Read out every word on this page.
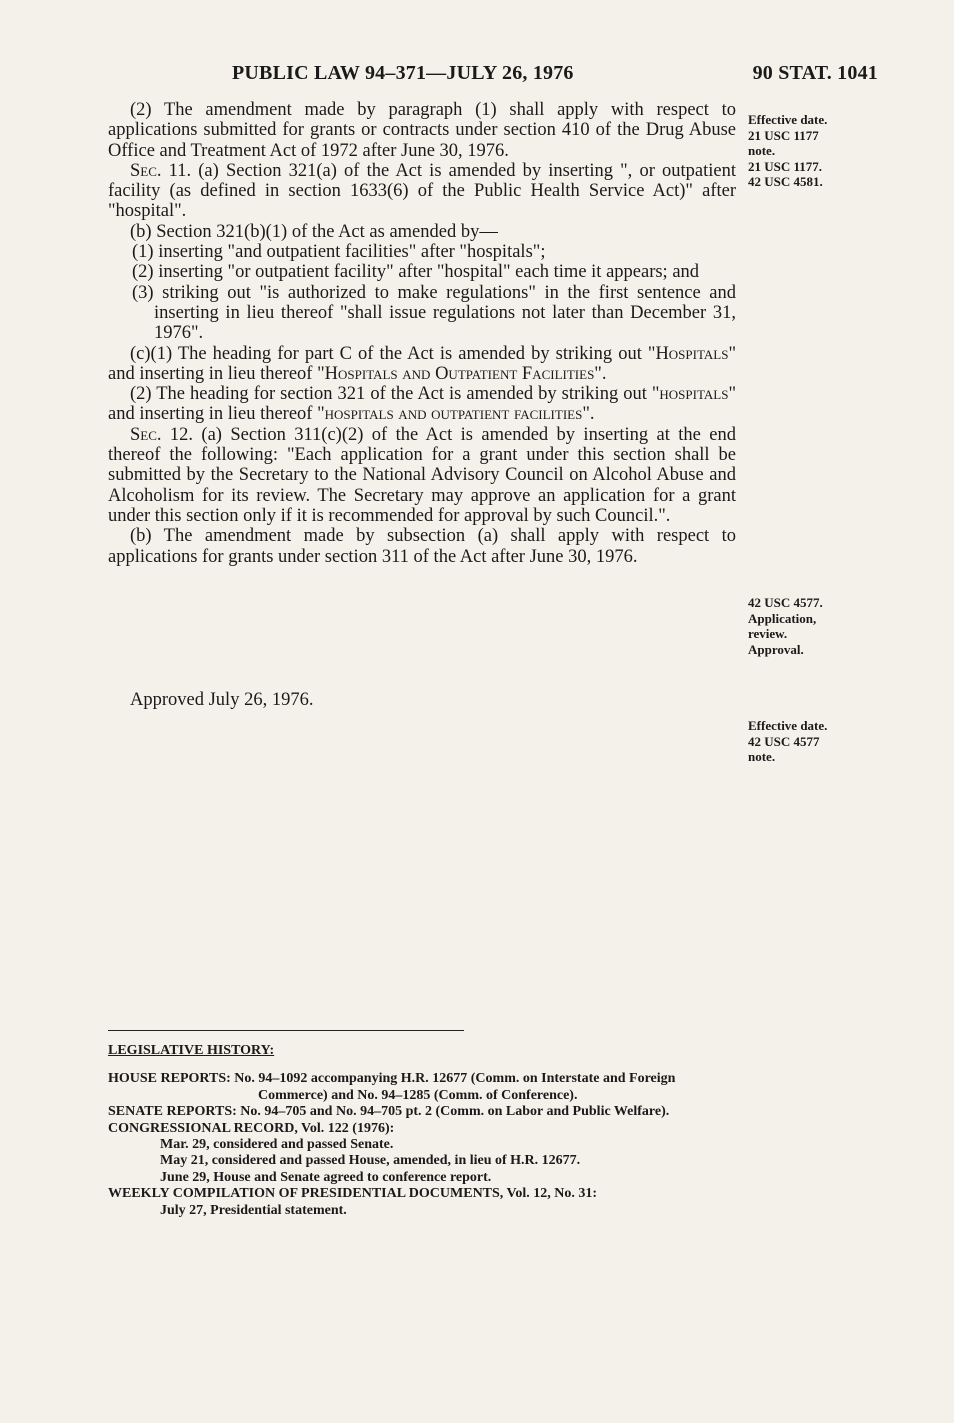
PUBLIC LAW 94–371—JULY 26, 1976	90 STAT. 1041

(2) The amendment made by paragraph (1) shall apply with respect to applications submitted for grants or contracts under section 410 of the Drug Abuse Office and Treatment Act of 1972 after June 30, 1976.

Sec. 11. (a) Section 321(a) of the Act is amended by inserting ", or outpatient facility (as defined in section 1633(6) of the Public Health Service Act)" after "hospital".

(b) Section 321(b)(1) of the Act as amended by—

(1) inserting "and outpatient facilities" after "hospitals";

(2) inserting "or outpatient facility" after "hospital" each time it appears; and

(3) striking out "is authorized to make regulations" in the first sentence and inserting in lieu thereof "shall issue regulations not later than December 31, 1976".

(c)(1) The heading for part C of the Act is amended by striking out "Hospitals" and inserting in lieu thereof "Hospitals and Outpatient Facilities".

(2) The heading for section 321 of the Act is amended by striking out "hospitals" and inserting in lieu thereof "hospitals and outpatient facilities".

Sec. 12. (a) Section 311(c)(2) of the Act is amended by inserting at the end thereof the following: "Each application for a grant under this section shall be submitted by the Secretary to the National Advisory Council on Alcohol Abuse and Alcoholism for its review. The Secretary may approve an application for a grant under this section only if it is recommended for approval by such Council.".

(b) The amendment made by subsection (a) shall apply with respect to applications for grants under section 311 of the Act after June 30, 1976.

Effective date.
21 USC 1177
note.
21 USC 1177.
42 USC 4581.
42 USC 4577.
Application,
review.
Approval.
Effective date.
42 USC 4577
note.
Approved July 26, 1976.
LEGISLATIVE HISTORY:

HOUSE REPORTS: No. 94–1092 accompanying H.R. 12677 (Comm. on Interstate and Foreign Commerce) and No. 94–1285 (Comm. of Conference).

SENATE REPORTS: No. 94–705 and No. 94–705 pt. 2 (Comm. on Labor and Public Welfare).

CONGRESSIONAL RECORD, Vol. 122 (1976):

Mar. 29, considered and passed Senate.

May 21, considered and passed House, amended, in lieu of H.R. 12677.

June 29, House and Senate agreed to conference report.

WEEKLY COMPILATION OF PRESIDENTIAL DOCUMENTS, Vol. 12, No. 31:

July 27, Presidential statement.
